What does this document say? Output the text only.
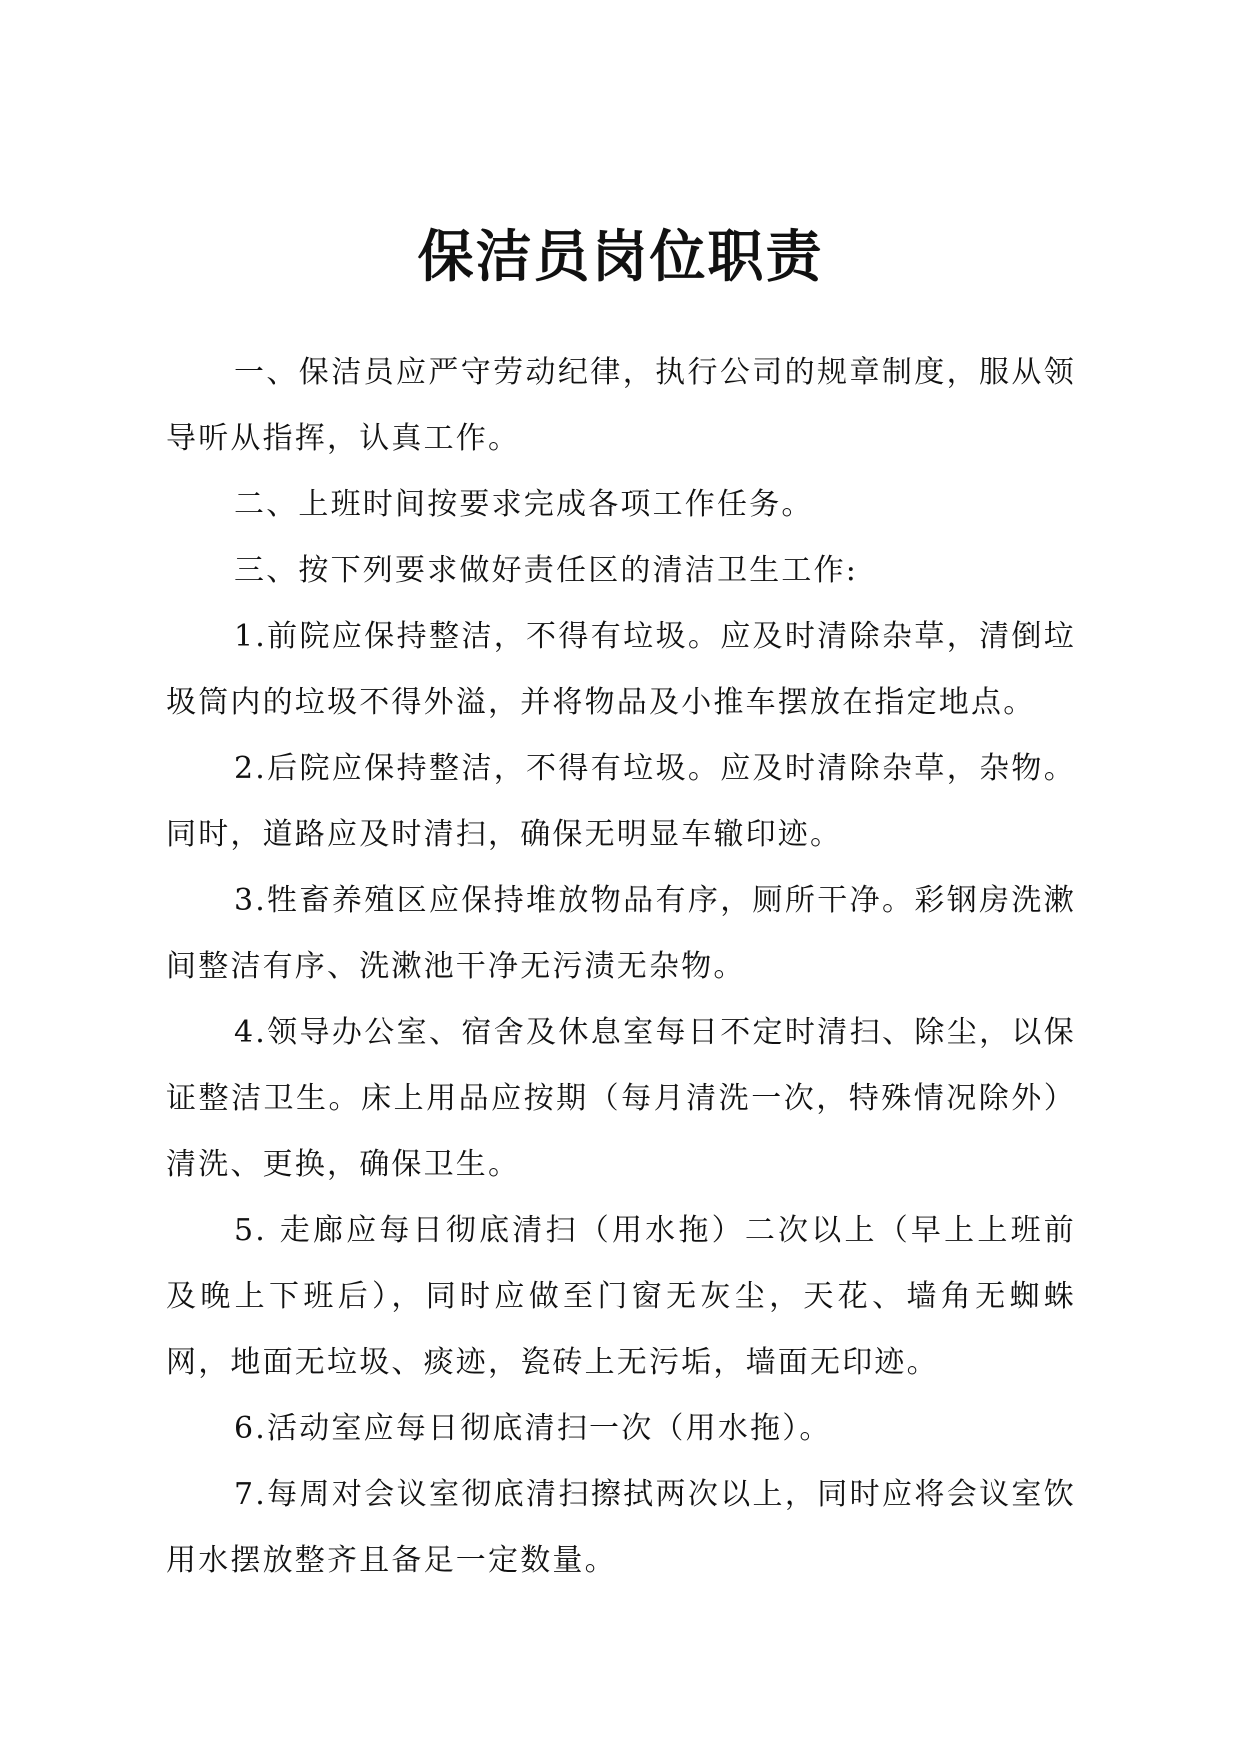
保洁员岗位职责

一、保洁员应严守劳动纪律，执行公司的规章制度，服从领导听从指挥，认真工作。

二、上班时间按要求完成各项工作任务。

三、按下列要求做好责任区的清洁卫生工作:

1.前院应保持整洁，不得有垃圾。应及时清除杂草，清倒垃圾筒内的垃圾不得外溢，并将物品及小推车摆放在指定地点。

2.后院应保持整洁，不得有垃圾。应及时清除杂草，杂物。同时，道路应及时清扫，确保无明显车辙印迹。

3.牲畜养殖区应保持堆放物品有序，厕所干净。彩钢房洗漱间整洁有序、洗漱池干净无污渍无杂物。

4.领导办公室、宿舍及休息室每日不定时清扫、除尘，以保证整洁卫生。床上用品应按期（每月清洗一次，特殊情况除外）清洗、更换，确保卫生。

5. 走廊应每日彻底清扫（用水拖）二次以上（早上上班前及晚上下班后），同时应做至门窗无灰尘，天花、墙角无蜘蛛网，地面无垃圾、痰迹，瓷砖上无污垢，墙面无印迹。

6.活动室应每日彻底清扫一次（用水拖）。

7.每周对会议室彻底清扫擦拭两次以上，同时应将会议室饮用水摆放整齐且备足一定数量。
